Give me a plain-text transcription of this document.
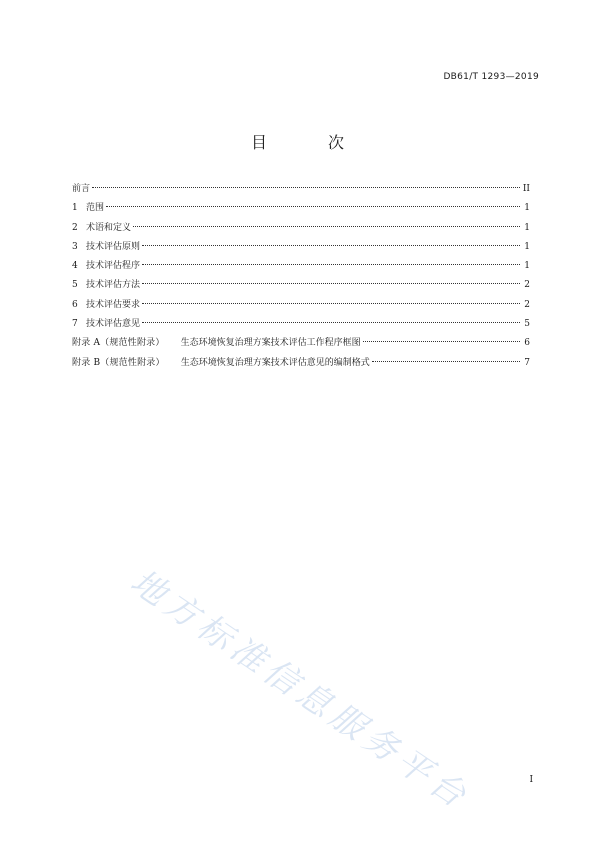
DB61/T 1293—2019
目 次
前言	II
1 范围	1
2 术语和定义	1
3 技术评估原则	1
4 技术评估程序	1
5 技术评估方法	2
6 技术评估要求	2
7 技术评估意见	5
附录 A（规范性附录） 生态环境恢复治理方案技术评估工作程序框图	6
附录 B（规范性附录） 生态环境恢复治理方案技术评估意见的编制格式	7
地方标准信息服务平台	I
